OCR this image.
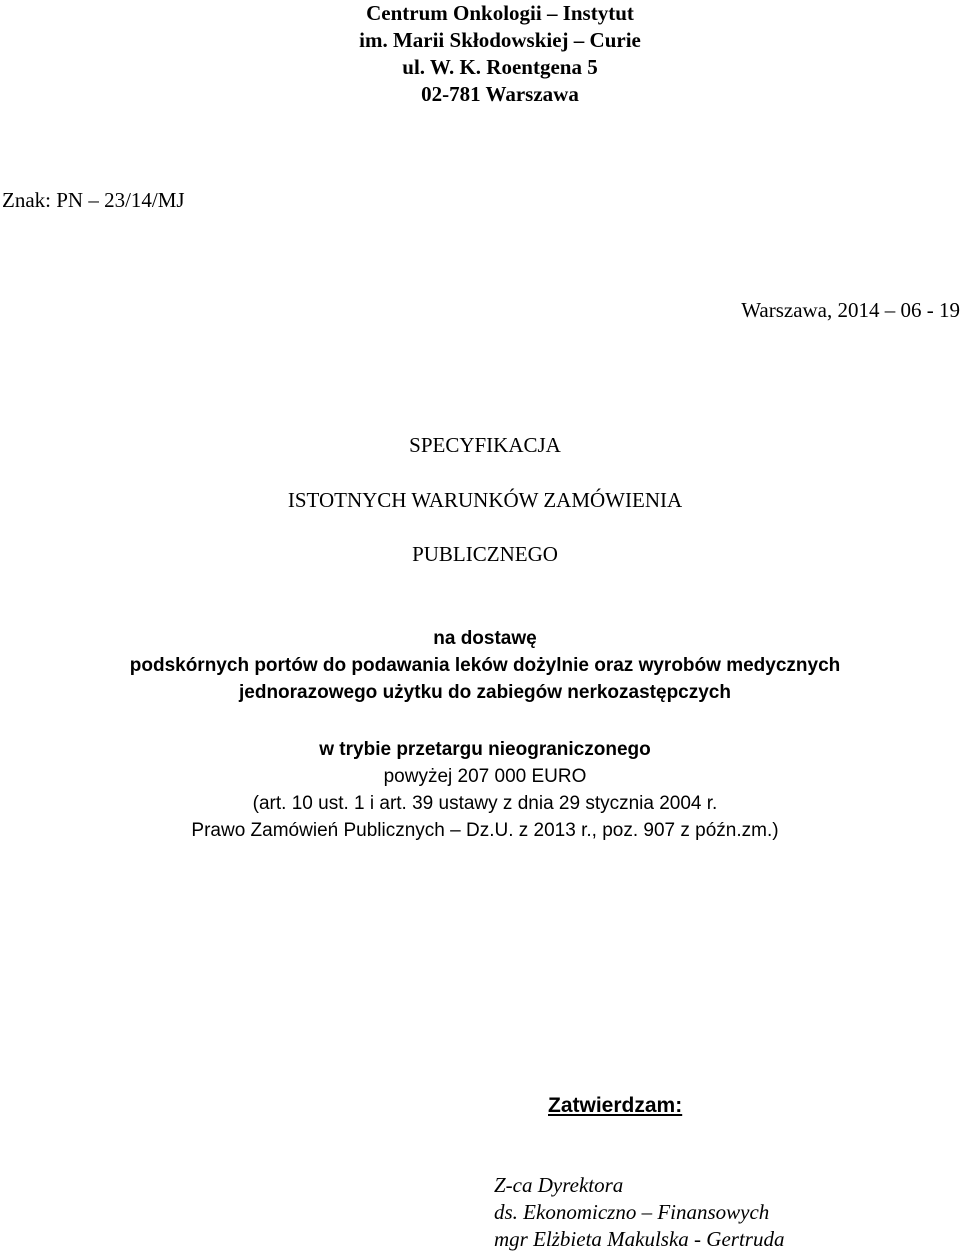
Centrum Onkologii – Instytut
im. Marii Skłodowskiej – Curie
ul. W. K. Roentgena 5
02-781 Warszawa
Znak: PN – 23/14/MJ
Warszawa, 2014 – 06 - 19
SPECYFIKACJA
ISTOTNYCH WARUNKÓW ZAMÓWIENIA
PUBLICZNEGO
na dostawę
podskórnych portów do podawania leków dożylnie oraz wyrobów medycznych
jednorazowego użytku do zabiegów nerkozastępczych
w trybie przetargu nieograniczonego
powyżej 207 000 EURO
(art. 10 ust. 1 i art. 39 ustawy z dnia 29 stycznia 2004 r.
Prawo Zamówień Publicznych – Dz.U. z 2013 r., poz. 907 z późn.zm.)
Zatwierdzam:
Z-ca Dyrektora
ds. Ekonomiczno – Finansowych
mgr Elżbieta Makulska - Gertruda
